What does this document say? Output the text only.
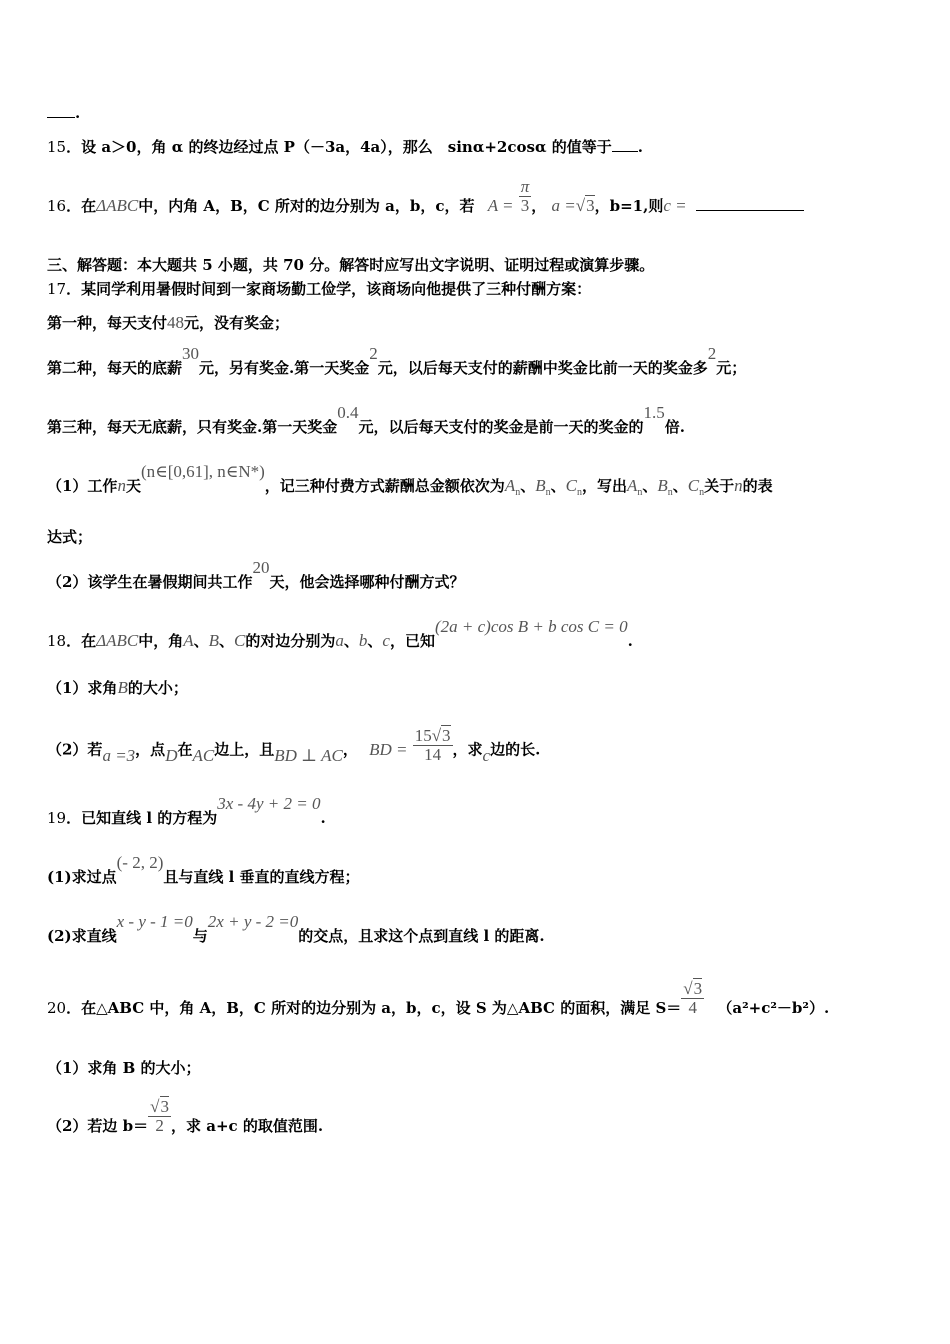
.
15．设 a＞0，角 α 的终边经过点 P（－3a，4a），那么　sinα+2cosα 的值等于 .
16．在ΔABC中，内角 A，B，C 所对的边分别为 a，b，c，若 $A = \frac{\pi}{3}$ ， a =√3，b=1,则c =
三、解答题：本大题共 5 小题，共 70 分。解答时应写出文字说明、证明过程或演算步骤。
17．某同学利用暑假时间到一家商场勤工俭学，该商场向他提供了三种付酬方案：
第一种，每天支付48元，没有奖金；
第二种，每天的底薪30元，另有奖金.第一天奖金2元，以后每天支付的薪酬中奖金比前一天的奖金多2元；
第三种，每天无底薪，只有奖金.第一天奖金0.4元，以后每天支付的奖金是前一天的奖金的1.5倍.
（1）工作n天(n∈[0,61], n∈N*)，记三种付费方式薪酬总金额依次为$A_n$、$B_n$、$C_n$，写出$A_n$、$B_n$、$C_n$关于n的表
达式；
（2）该学生在暑假期间共工作20天，他会选择哪种付酬方式？
18．在ΔABC中，角A、B、C的对边分别为a、b、c，已知(2a + c)cos B + b cos C = 0.
（1）求角B的大小；
（2）若a =3，点D在AC边上，且BD ⊥ AC， BD = $\frac{15√3}{14}$ ，求c边的长.
19．已知直线 l 的方程为3x - 4y + 2 = 0.
(1)求过点(- 2, 2)且与直线 l 垂直的直线方程；
(2)求直线x - y - 1 =0与2x + y - 2 =0的交点，且求这个点到直线 l 的距离.
20．在△ABC 中，角 A，B，C 所对的边分别为 a，b，c，设 S 为△ABC 的面积，满足 $S= \frac{√3}{4} (a^2+c^2-b^2)$.
（1）求角 B 的大小；
（2）若边 $b= \frac{√3}{2}$ ，求 a+c 的取值范围.
